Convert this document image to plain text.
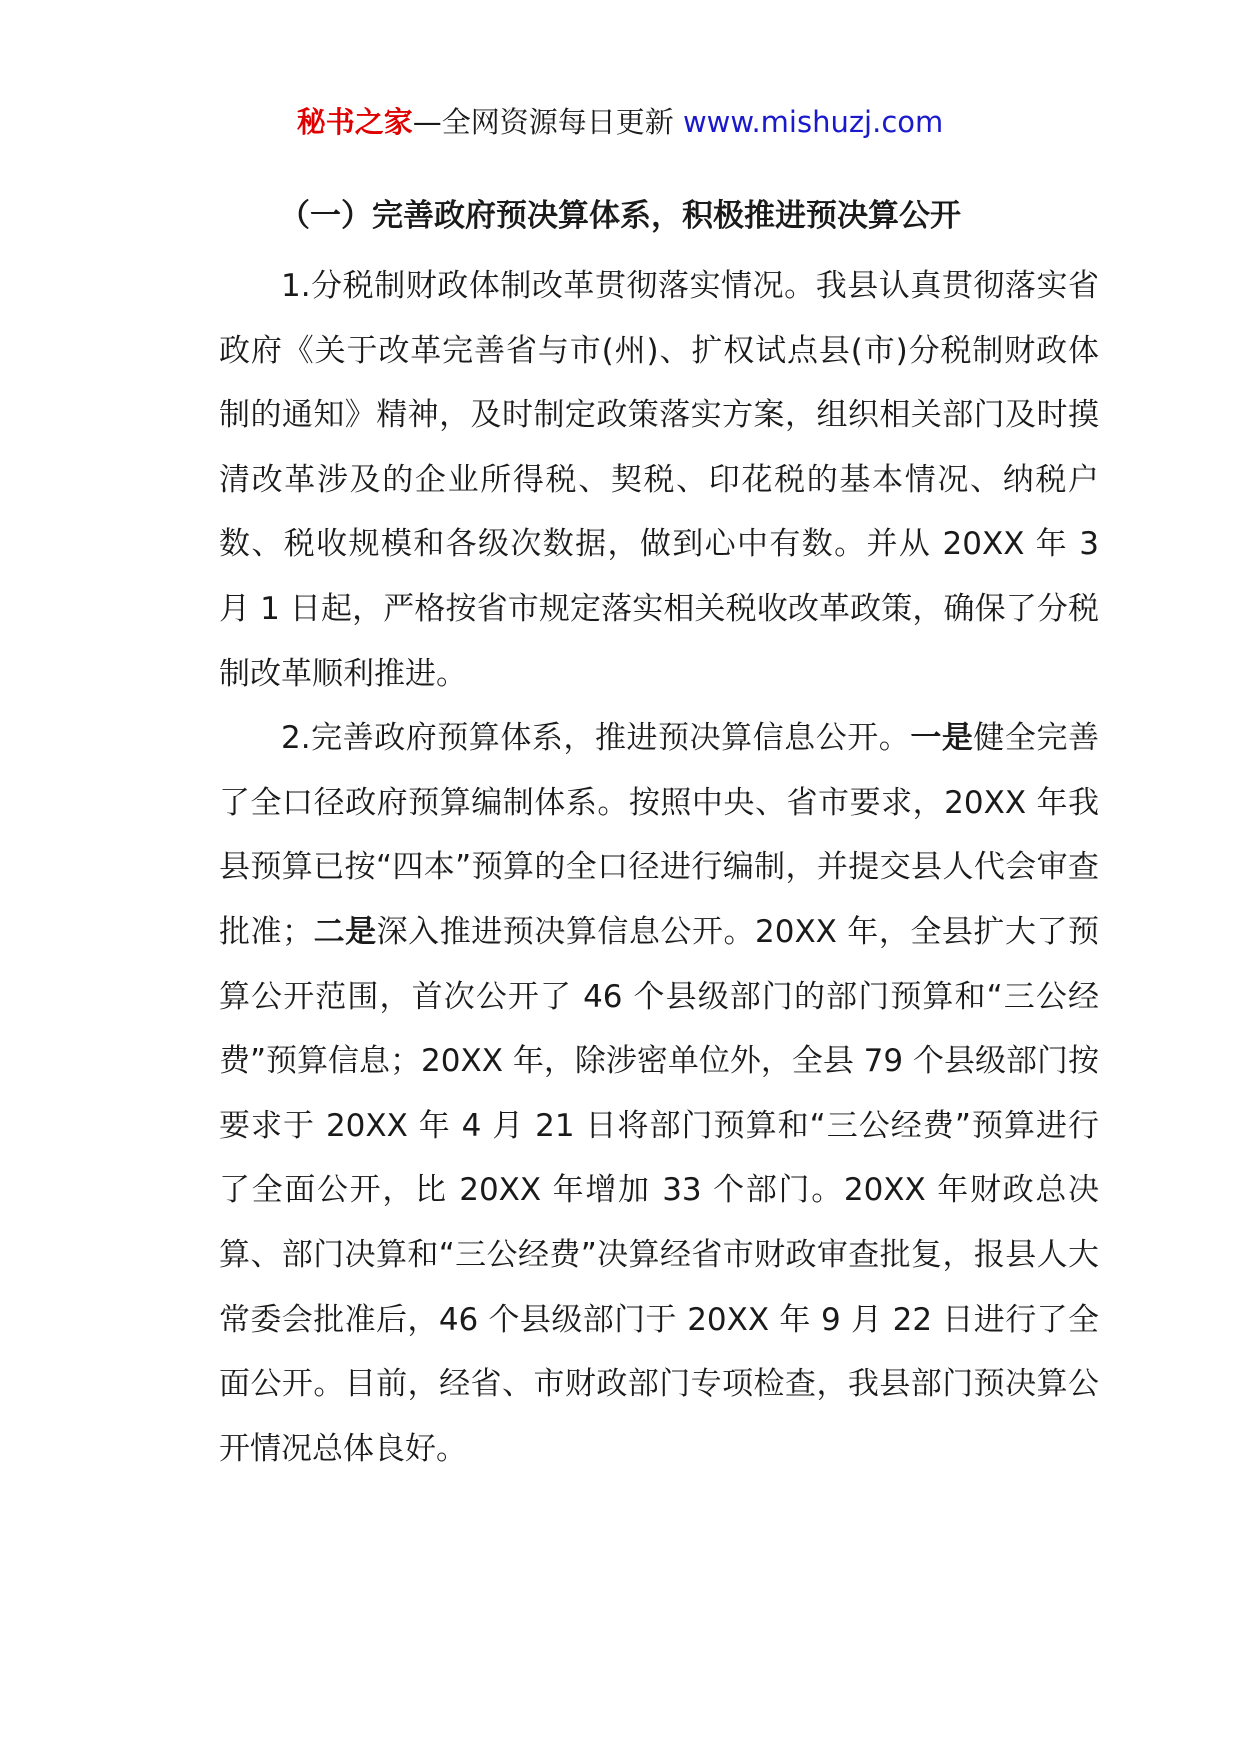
秘书之家—全网资源每日更新 www.mishuzj.com
（一）完善政府预决算体系，积极推进预决算公开

1.分税制财政体制改革贯彻落实情况。我县认真贯彻落实省政府《关于改革完善省与市(州)、扩权试点县(市)分税制财政体制的通知》精神，及时制定政策落实方案，组织相关部门及时摸清改革涉及的企业所得税、契税、印花税的基本情况、纳税户数、税收规模和各级次数据，做到心中有数。并从 20XX 年 3 月 1 日起，严格按省市规定落实相关税收改革政策，确保了分税制改革顺利推进。

2.完善政府预算体系，推进预决算信息公开。一是健全完善了全口径政府预算编制体系。按照中央、省市要求，20XX 年我县预算已按“四本”预算的全口径进行编制，并提交县人代会审查批准；二是深入推进预决算信息公开。20XX 年，全县扩大了预算公开范围，首次公开了 46 个县级部门的部门预算和“三公经费”预算信息；20XX 年，除涉密单位外，全县 79 个县级部门按要求于 20XX 年 4 月 21 日将部门预算和“三公经费”预算进行了全面公开，比 20XX 年增加 33 个部门。20XX 年财政总决算、部门决算和“三公经费”决算经省市财政审查批复，报县人大常委会批准后，46 个县级部门于 20XX 年 9 月 22 日进行了全面公开。目前，经省、市财政部门专项检查，我县部门预决算公开情况总体良好。
